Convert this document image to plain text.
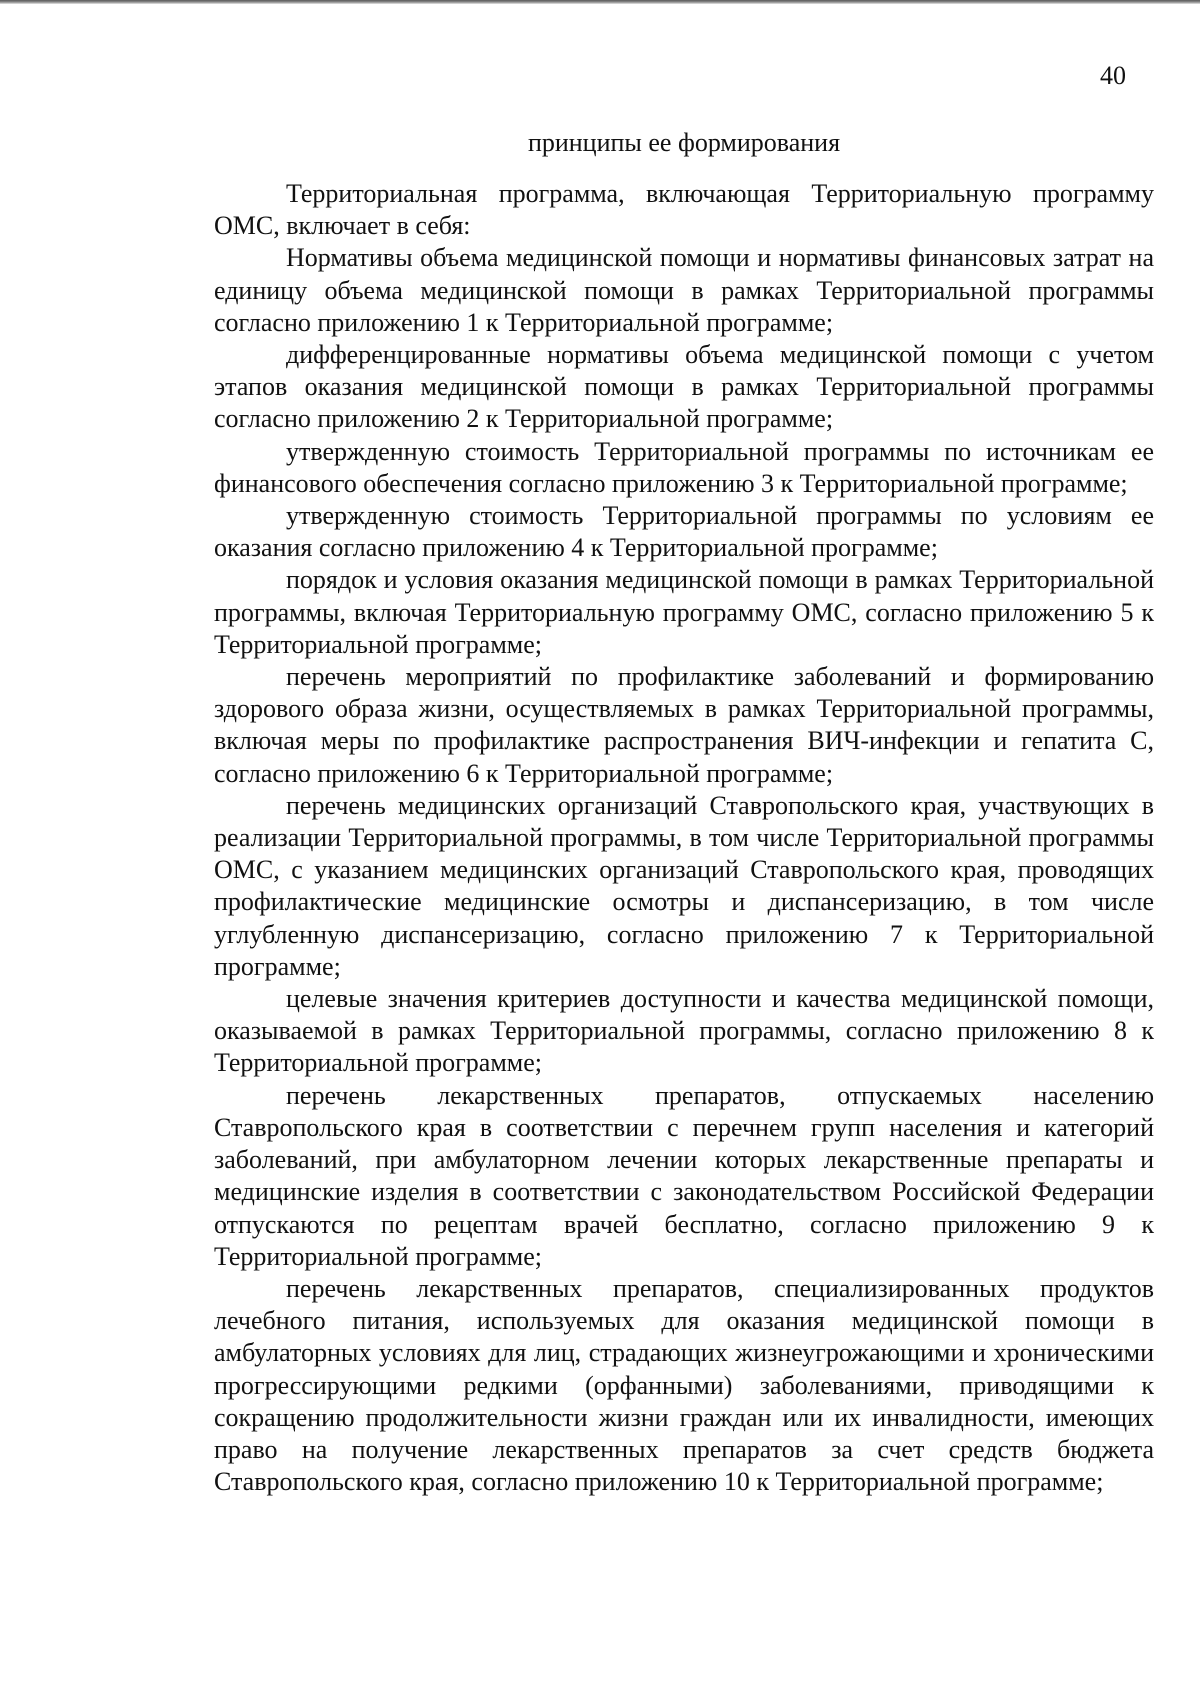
40
принципы ее формирования

Территориальная программа, включающая Территориальную программу ОМС, включает в себя:

Нормативы объема медицинской помощи и нормативы финансовых затрат на единицу объема медицинской помощи в рамках Территориальной программы согласно приложению 1 к Территориальной программе;

дифференцированные нормативы объема медицинской помощи с учетом этапов оказания медицинской помощи в рамках Территориальной программы согласно приложению 2 к Территориальной программе;

утвержденную стоимость Территориальной программы по источникам ее финансового обеспечения согласно приложению 3 к Территориальной программе;

утвержденную стоимость Территориальной программы по условиям ее оказания согласно приложению 4 к Территориальной программе;

порядок и условия оказания медицинской помощи в рамках Территориальной программы, включая Территориальную программу ОМС, согласно приложению 5 к Территориальной программе;

перечень мероприятий по профилактике заболеваний и формированию здорового образа жизни, осуществляемых в рамках Территориальной программы, включая меры по профилактике распространения ВИЧ-инфекции и гепатита С, согласно приложению 6 к Территориальной программе;

перечень медицинских организаций Ставропольского края, участвующих в реализации Территориальной программы, в том числе Территориальной программы ОМС, с указанием медицинских организаций Ставропольского края, проводящих профилактические медицинские осмотры и диспансеризацию, в том числе углубленную диспансеризацию, согласно приложению 7 к Территориальной программе;

целевые значения критериев доступности и качества медицинской помощи, оказываемой в рамках Территориальной программы, согласно приложению 8 к Территориальной программе;

перечень лекарственных препаратов, отпускаемых населению Ставропольского края в соответствии с перечнем групп населения и категорий заболеваний, при амбулаторном лечении которых лекарственные препараты и медицинские изделия в соответствии с законодательством Российской Федерации отпускаются по рецептам врачей бесплатно, согласно приложению 9 к Территориальной программе;

перечень лекарственных препаратов, специализированных продуктов лечебного питания, используемых для оказания медицинской помощи в амбулаторных условиях для лиц, страдающих жизнеугрожающими и хроническими прогрессирующими редкими (орфанными) заболеваниями, приводящими к сокращению продолжительности жизни граждан или их инвалидности, имеющих право на получение лекарственных препаратов за счет средств бюджета Ставропольского края, согласно приложению 10 к Территориальной программе;
